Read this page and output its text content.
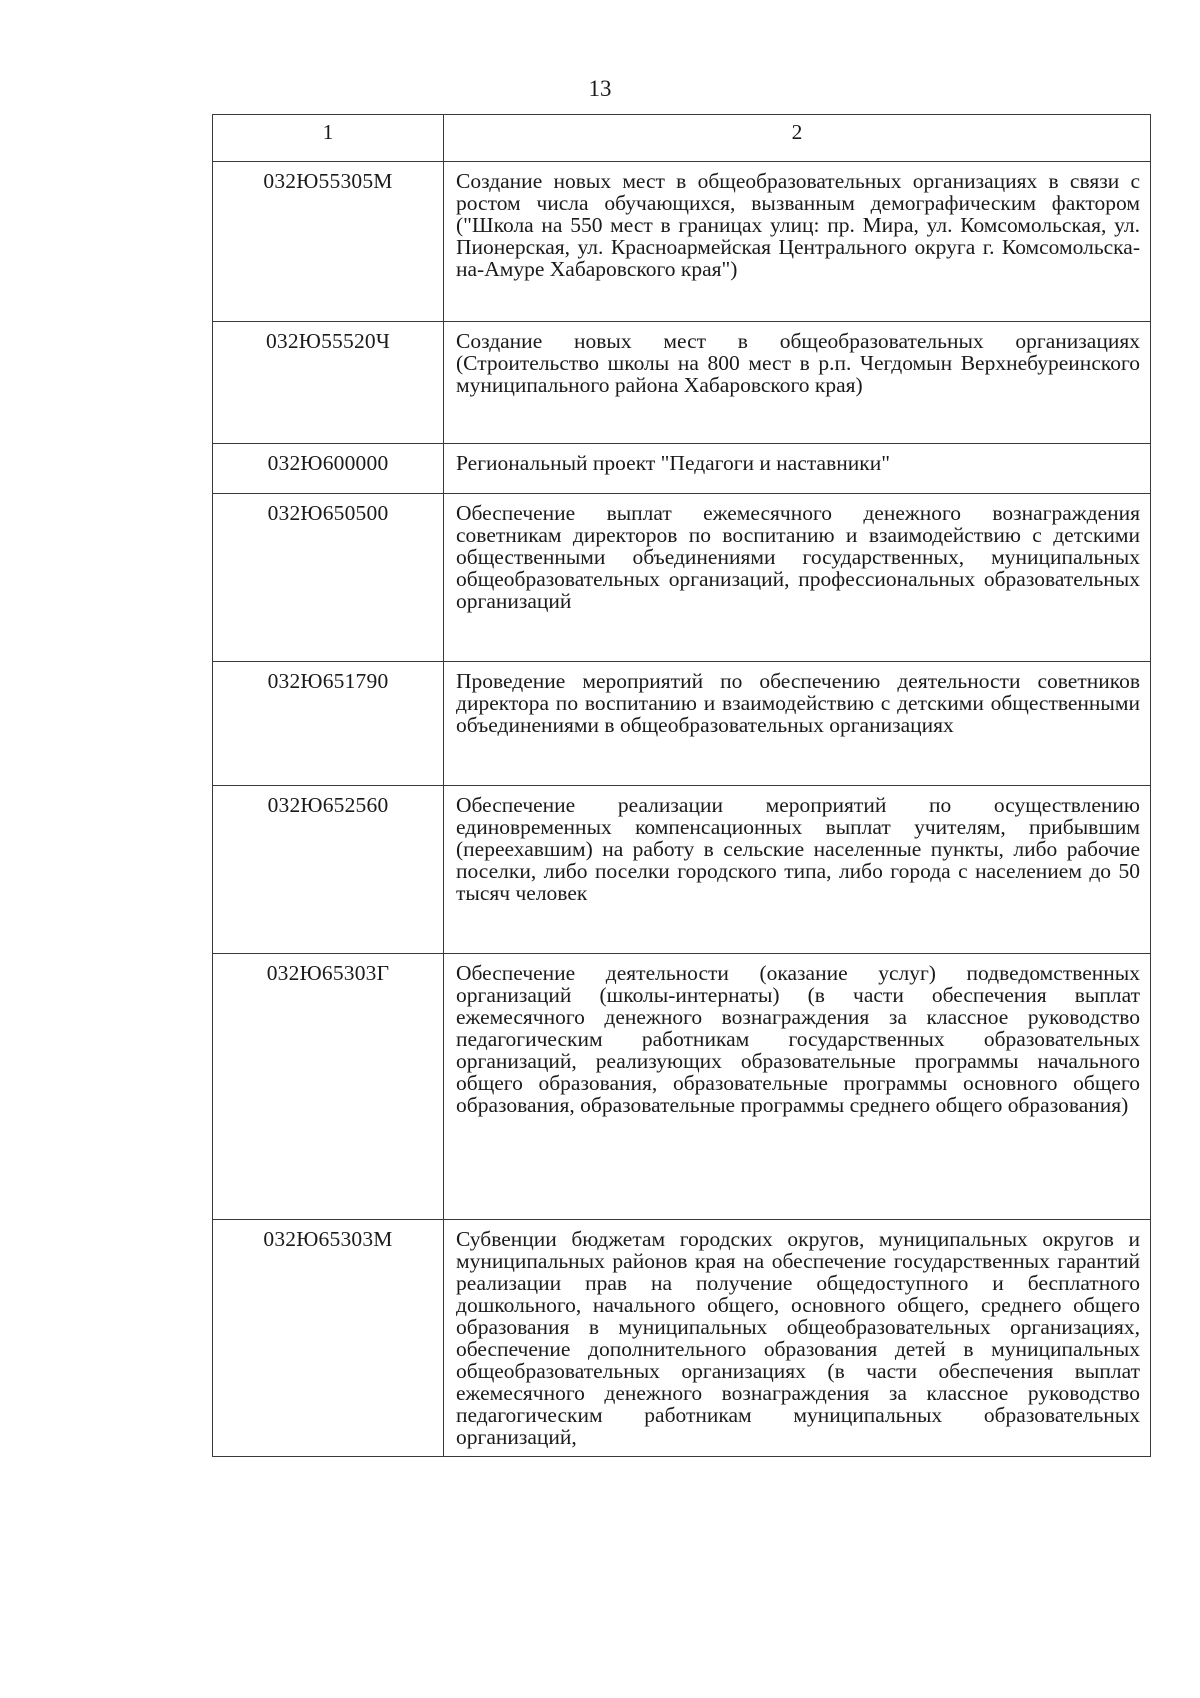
13
1	2
032Ю55305М	Создание новых мест в общеобразовательных организациях в связи с ростом числа обучающихся, вызванным демографическим фактором ("Школа на 550 мест в границах улиц: пр. Мира, ул. Комсомольская, ул. Пионерская, ул. Красноармейская Центрального округа г. Комсомольска-на-Амуре Хабаровского края")
032Ю55520Ч	Создание новых мест в общеобразовательных организациях (Строительство школы на 800 мест в р.п. Чегдомын Верхнебуреинского муниципального района Хабаровского края)
032Ю600000	Региональный проект "Педагоги и наставники"
032Ю650500	Обеспечение выплат ежемесячного денежного вознаграждения советникам директоров по воспитанию и взаимодействию с детскими общественными объединениями государственных, муниципальных общеобразовательных организаций, профессиональных образовательных организаций
032Ю651790	Проведение мероприятий по обеспечению деятельности советников директора по воспитанию и взаимодействию с детскими общественными объединениями в общеобразовательных организациях
032Ю652560	Обеспечение реализации мероприятий по осуществлению единовременных компенсационных выплат учителям, прибывшим (переехавшим) на работу в сельские населенные пункты, либо рабочие поселки, либо поселки городского типа, либо города с населением до 50 тысяч человек
032Ю65303Г	Обеспечение деятельности (оказание услуг) подведомственных организаций (школы-интернаты) (в части обеспечения выплат ежемесячного денежного вознаграждения за классное руководство педагогическим работникам государственных образовательных организаций, реализующих образовательные программы начального общего образования, образовательные программы основного общего образования, образовательные программы среднего общего образования)
032Ю65303М	Субвенции бюджетам городских округов, муниципальных округов и муниципальных районов края на обеспечение государственных гарантий реализации прав на получение общедоступного и бесплатного дошкольного, начального общего, основного общего, среднего общего образования в муниципальных общеобразовательных организациях, обеспечение дополнительного образования детей в муниципальных общеобразовательных организациях (в части обеспечения выплат ежемесячного денежного вознаграждения за классное руководство педагогическим работникам муниципальных образовательных организаций,
